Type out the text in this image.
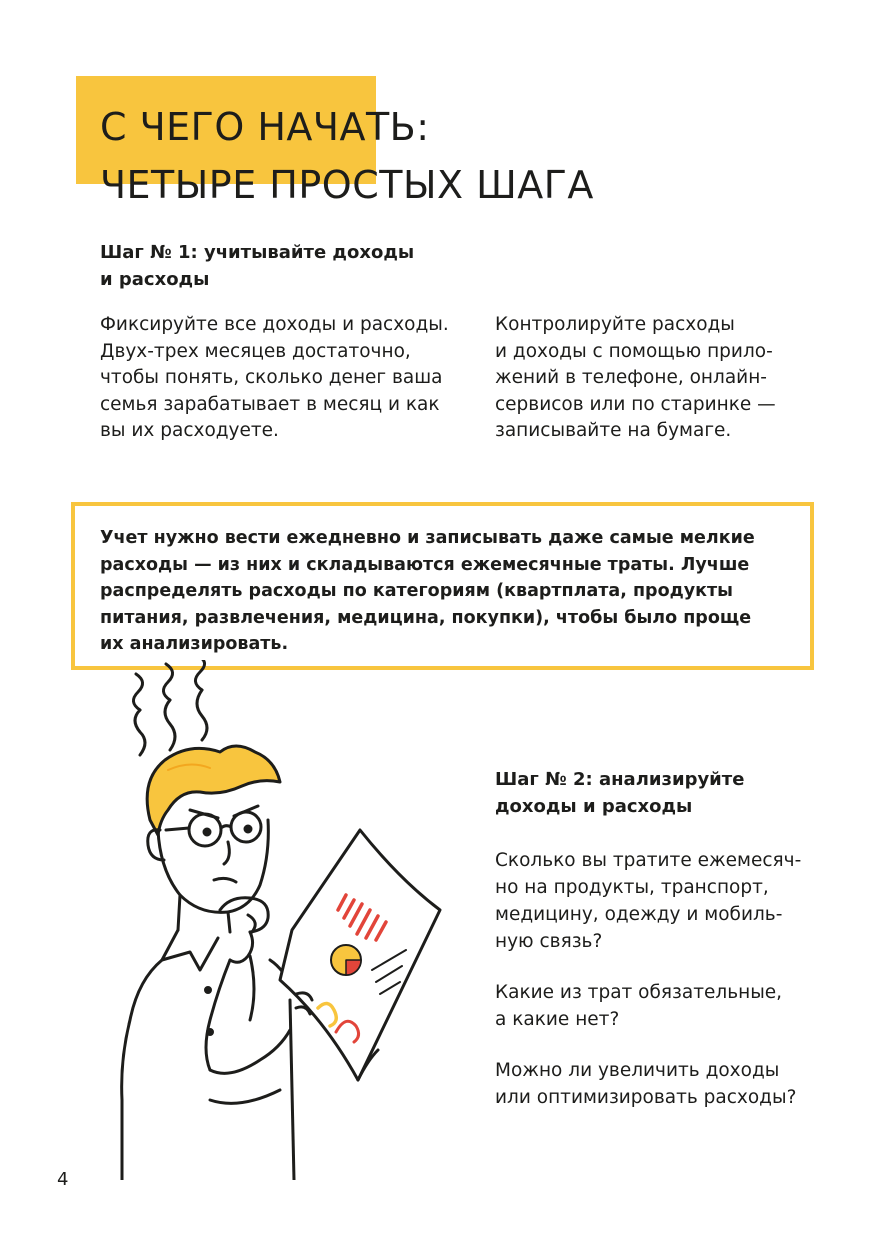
С ЧЕГО НАЧАТЬ:
ЧЕТЫРЕ ПРОСТЫХ ШАГА
Шаг № 1: учитывайте доходы
и расходы
Фиксируйте все доходы и расходы.
Двух-трех месяцев достаточно,
чтобы понять, сколько денег ваша
семья зарабатывает в месяц и как
вы их расходуете.
Контролируйте расходы
и доходы с помощью прило-
жений в телефоне, онлайн-
сервисов или по старинке —
записывайте на бумаге.
Учет нужно вести ежедневно и записывать даже самые мелкие
расходы — из них и складываются ежемесячные траты. Лучше
распределять расходы по категориям (квартплата, продукты
питания, развлечения, медицина, покупки), чтобы было проще
их анализировать.
Шаг № 2: анализируйте
доходы и расходы
Сколько вы тратите ежемесяч-
но на продукты, транспорт,
медицину, одежду и мобиль-
ную связь?
Какие из трат обязательные,
а какие нет?
Можно ли увеличить доходы
или оптимизировать расходы?
4
